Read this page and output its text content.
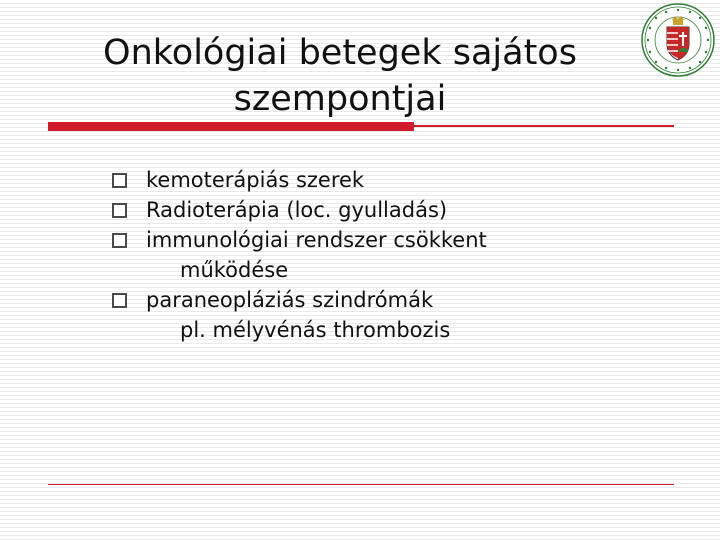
Onkológiai betegek sajátos
szempontjai
kemoterápiás szerek
Radioterápia (loc. gyulladás)
immunológiai rendszer csökkent
működése
paraneopláziás szindrómák
pl. mélyvénás thrombozis
